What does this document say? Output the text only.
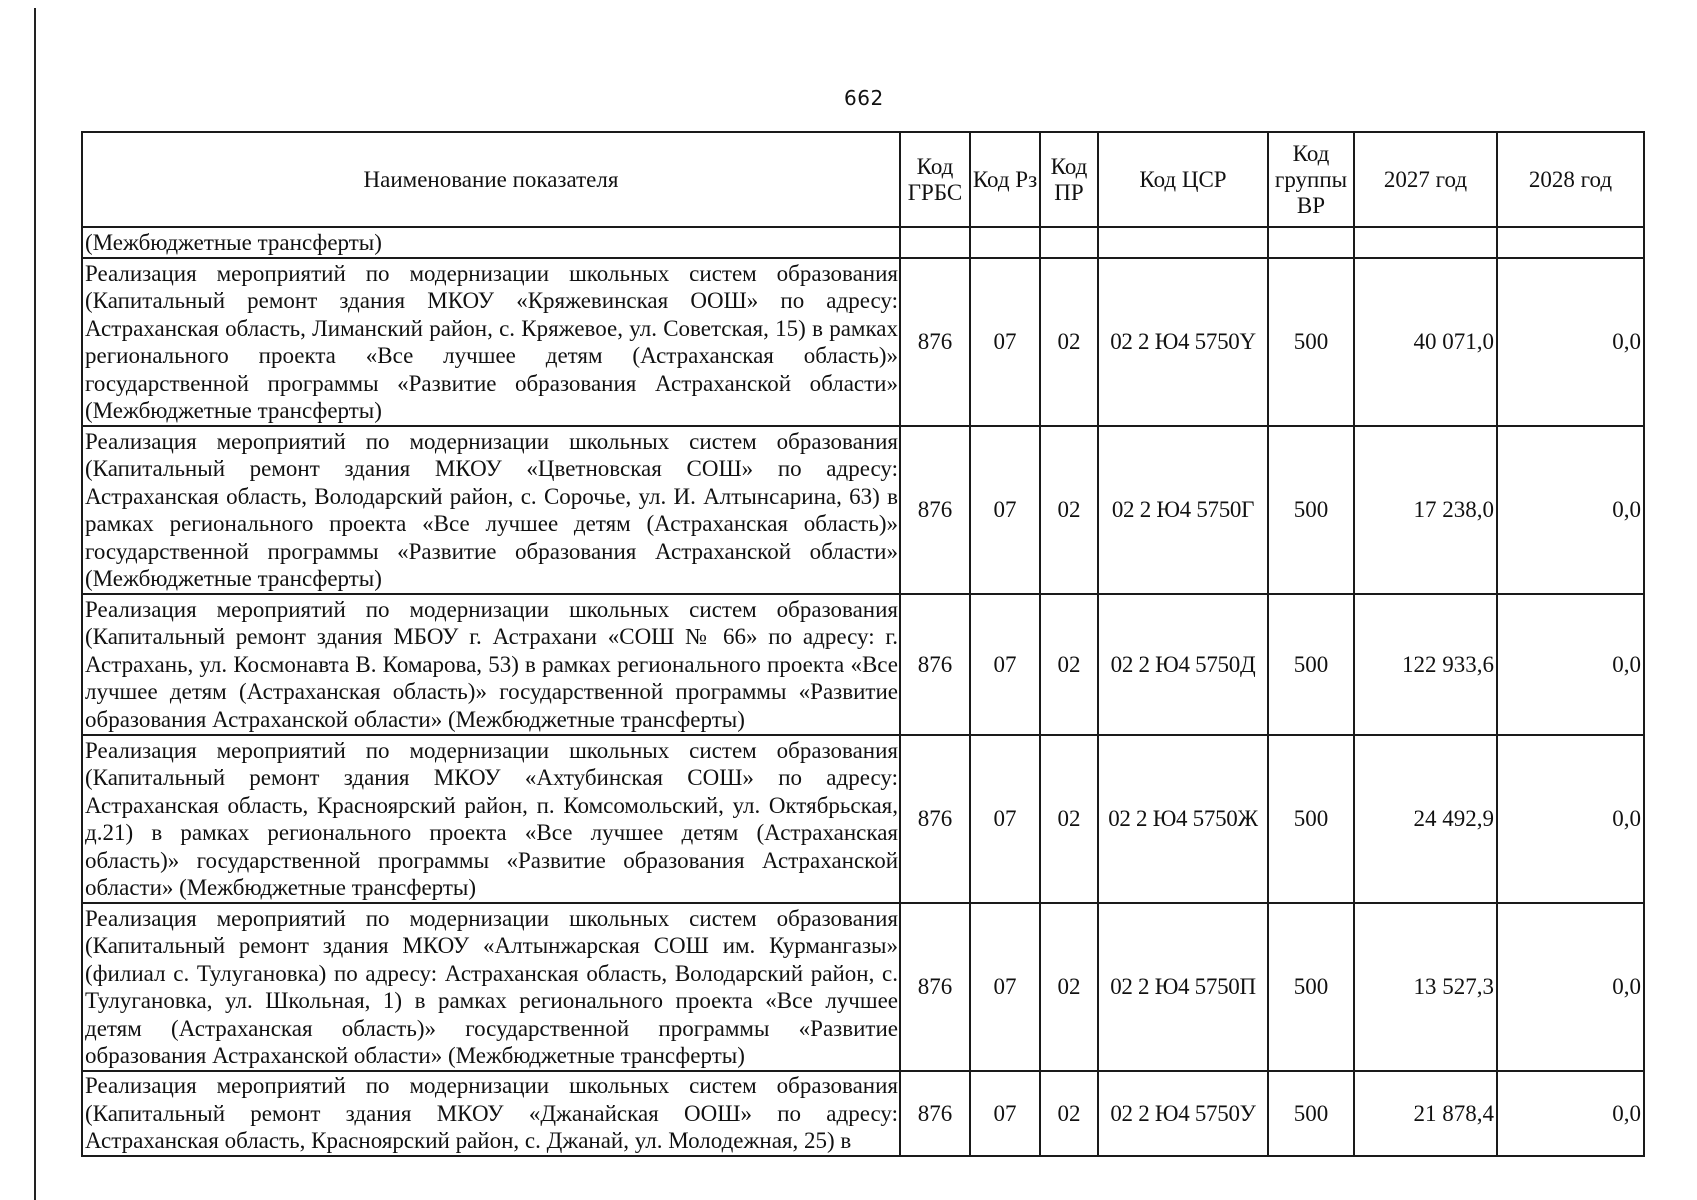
662
Наименование показателя	Код ГРБС	Код Рз	Код ПР	Код ЦСР	Код группы ВР	2027 год	2028 год
(Межбюджетные трансферты)							
Реализация мероприятий по модернизации школьных систем образования (Капитальный ремонт здания МКОУ «Кряжевинская ООШ» по адресу: Астраханская область, Лиманский район, с. Кряжевое, ул. Советская, 15) в рамках регионального проекта «Все лучшее детям (Астраханская область)» государственной программы «Развитие образования Астраханской области» (Межбюджетные трансферты)	876	07	02	02 2 Ю4 5750Y	500	40 071,0	0,0
Реализация мероприятий по модернизации школьных систем образования (Капитальный ремонт здания МКОУ «Цветновская СОШ» по адресу: Астраханская область, Володарский район, с. Сорочье, ул. И. Алтынсарина, 63) в рамках регионального проекта «Все лучшее детям (Астраханская область)» государственной программы «Развитие образования Астраханской области» (Межбюджетные трансферты)	876	07	02	02 2 Ю4 5750Г	500	17 238,0	0,0
Реализация мероприятий по модернизации школьных систем образования (Капитальный ремонт здания МБОУ г. Астрахани «СОШ № 66» по адресу: г. Астрахань, ул. Космонавта В. Комарова, 53) в рамках регионального проекта «Все лучшее детям (Астраханская область)» государственной программы «Развитие образования Астраханской области» (Межбюджетные трансферты)	876	07	02	02 2 Ю4 5750Д	500	122 933,6	0,0
Реализация мероприятий по модернизации школьных систем образования (Капитальный ремонт здания МКОУ «Ахтубинская СОШ» по адресу: Астраханская область, Красноярский район, п. Комсомольский, ул. Октябрьская, д.21) в рамках регионального проекта «Все лучшее детям (Астраханская область)» государственной программы «Развитие образования Астраханской области» (Межбюджетные трансферты)	876	07	02	02 2 Ю4 5750Ж	500	24 492,9	0,0
Реализация мероприятий по модернизации школьных систем образования (Капитальный ремонт здания МКОУ «Алтынжарская СОШ им. Курмангазы» (филиал с. Тулугановка) по адресу: Астраханская область, Володарский район, с. Тулугановка, ул. Школьная, 1) в рамках регионального проекта «Все лучшее детям (Астраханская область)» государственной программы «Развитие образования Астраханской области» (Межбюджетные трансферты)	876	07	02	02 2 Ю4 5750П	500	13 527,3	0,0
Реализация мероприятий по модернизации школьных систем образования (Капитальный ремонт здания МКОУ «Джанайская ООШ» по адресу: Астраханская область, Красноярский район, с. Джанай, ул. Молодежная, 25) в	876	07	02	02 2 Ю4 5750У	500	21 878,4	0,0
